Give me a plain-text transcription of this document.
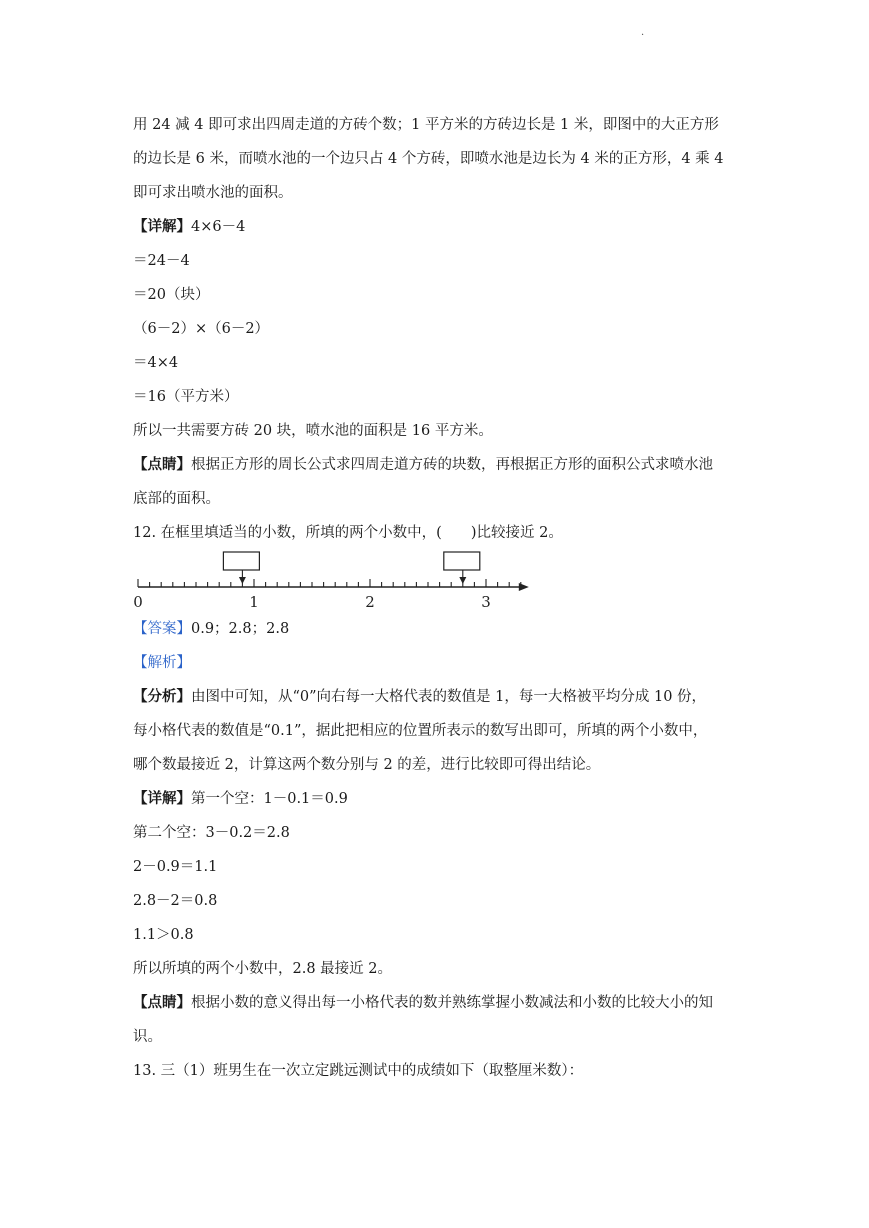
·
用 24 减 4 即可求出四周走道的方砖个数；1 平方米的方砖边长是 1 米，即图中的大正方形
的边长是 6 米，而喷水池的一个边只占 4 个方砖，即喷水池是边长为 4 米的正方形，4 乘 4
即可求出喷水池的面积。
【详解】4×6－4
＝24－4
＝20（块）
（6－2）×（6－2）
＝4×4
＝16（平方米）
所以一共需要方砖 20 块，喷水池的面积是 16 平方米。
【点睛】根据正方形的周长公式求四周走道方砖的块数，再根据正方形的面积公式求喷水池
底部的面积。
12. 在框里填适当的小数，所填的两个小数中，(　　)比较接近 2。
0	1	2	3
【答案】0.9；2.8；2.8
【解析】
【分析】由图中可知，从“0”向右每一大格代表的数值是 1，每一大格被平均分成 10 份，
每小格代表的数值是“0.1”，据此把相应的位置所表示的数写出即可，所填的两个小数中，
哪个数最接近 2，计算这两个数分别与 2 的差，进行比较即可得出结论。
【详解】第一个空：1－0.1＝0.9
第二个空：3－0.2＝2.8
2－0.9＝1.1
2.8－2＝0.8
1.1＞0.8
所以所填的两个小数中，2.8 最接近 2。
【点睛】根据小数的意义得出每一小格代表的数并熟练掌握小数减法和小数的比较大小的知
识。
13. 三（1）班男生在一次立定跳远测试中的成绩如下（取整厘米数）：
